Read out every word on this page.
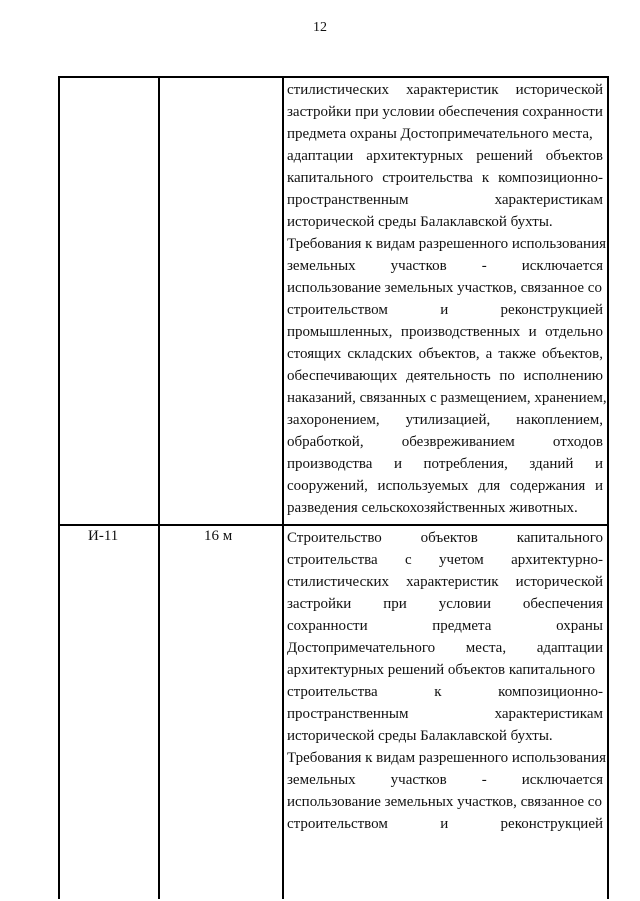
12
стилистических характеристик исторической
застройки при условии обеспечения сохранности
предмета охраны Достопримечательного места,
адаптации архитектурных решений объектов
капитального строительства к композиционно-
пространственным характеристикам
исторической среды Балаклавской бухты.
Требования к видам разрешенного использования
земельных участков - исключается
использование земельных участков, связанное со
строительством и реконструкцией
промышленных, производственных и отдельно
стоящих складских объектов, а также объектов,
обеспечивающих деятельность по исполнению
наказаний, связанных с размещением, хранением,
захоронением, утилизацией, накоплением,
обработкой, обезвреживанием отходов
производства и потребления, зданий и
сооружений, используемых для содержания и
разведения сельскохозяйственных животных.
И-11	16 м	Строительство объектов капитального
строительства с учетом архитектурно-
стилистических характеристик исторической
застройки при условии обеспечения
сохранности предмета охраны
Достопримечательного места, адаптации
архитектурных решений объектов капитального
строительства к композиционно-
пространственным характеристикам
исторической среды Балаклавской бухты.
Требования к видам разрешенного использования
земельных участков - исключается
использование земельных участков, связанное со
строительством и реконструкцией
